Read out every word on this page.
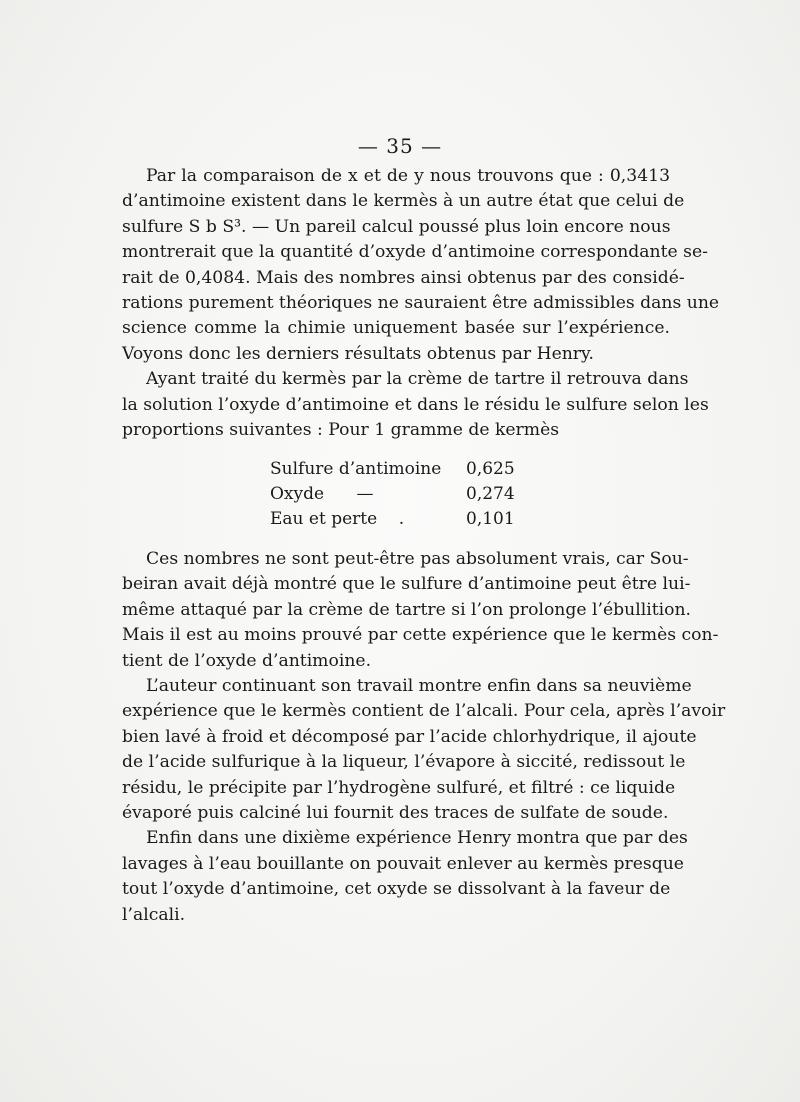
— 35 —
Par la comparaison de x et de y nous trouvons que : 0,3413
d’antimoine existent dans le kermès à un autre état que celui de
sulfure S b S³. — Un pareil calcul poussé plus loin encore nous
montrerait que la quantité d’oxyde d’antimoine correspondante se-
rait de 0,4084. Mais des nombres ainsi obtenus par des considé-
rations purement théoriques ne sauraient être admissibles dans une
science comme la chimie uniquement basée sur l’expérience.
Voyons donc les derniers résultats obtenus par Henry.
Ayant traité du kermès par la crème de tartre il retrouva dans
la solution l’oxyde d’antimoine et dans le résidu le sulfure selon les
proportions suivantes : Pour 1 gramme de kermès
Sulfure d’antimoine	0,625
Oxyde      —	0,274
Eau et perte    .	0,101
Ces nombres ne sont peut-être pas absolument vrais, car Sou-
beiran avait déjà montré que le sulfure d’antimoine peut être lui-
même attaqué par la crème de tartre si l’on prolonge l’ébullition.
Mais il est au moins prouvé par cette expérience que le kermès con-
tient de l’oxyde d’antimoine.
L’auteur continuant son travail montre enfin dans sa neuvième
expérience que le kermès contient de l’alcali. Pour cela, après l’avoir
bien lavé à froid et décomposé par l’acide chlorhydrique, il ajoute
de l’acide sulfurique à la liqueur, l’évapore à siccité, redissout le
résidu, le précipite par l’hydrogène sulfuré, et filtré : ce liquide
évaporé puis calciné lui fournit des traces de sulfate de soude.
Enfin dans une dixième expérience Henry montra que par des
lavages à l’eau bouillante on pouvait enlever au kermès presque
tout l’oxyde d’antimoine, cet oxyde se dissolvant à la faveur de
l’alcali.
